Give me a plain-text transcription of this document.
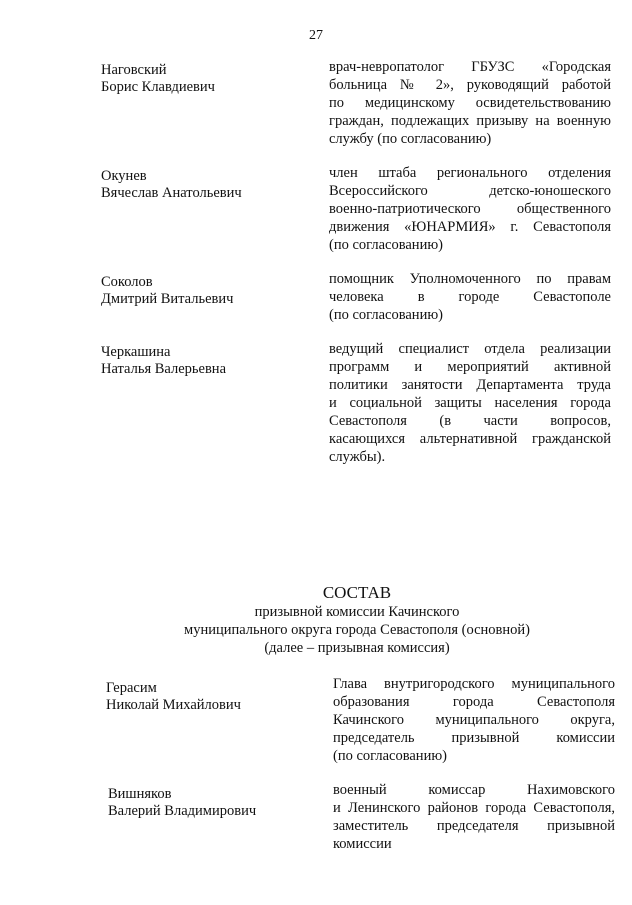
27
Наговский
Борис Клавдиевич
врач-невропатолог ГБУЗС «Городская
больница № 2», руководящий работой
по медицинскому освидетельствованию
граждан, подлежащих призыву на военную
службу (по согласованию)
Окунев
Вячеслав Анатольевич
член штаба регионального отделения
Всероссийского детско-юношеского
военно-патриотического общественного
движения «ЮНАРМИЯ» г. Севастополя
(по согласованию)
Соколов
Дмитрий Витальевич
помощник Уполномоченного по правам
человека в городе Севастополе
(по согласованию)
Черкашина
Наталья Валерьевна
ведущий специалист отдела реализации
программ и мероприятий активной
политики занятости Департамента труда
и социальной защиты населения города
Севастополя (в части вопросов,
касающихся альтернативной гражданской
службы).
СОСТАВ
призывной комиссии Качинского
муниципального округа города Севастополя (основной)
(далее – призывная комиссия)
Герасим
Николай Михайлович
Глава внутригородского муниципального
образования города Севастополя
Качинского муниципального округа,
председатель призывной комиссии
(по согласованию)
Вишняков
Валерий Владимирович
военный комиссар Нахимовского
и Ленинского районов города Севастополя,
заместитель председателя призывной
комиссии
